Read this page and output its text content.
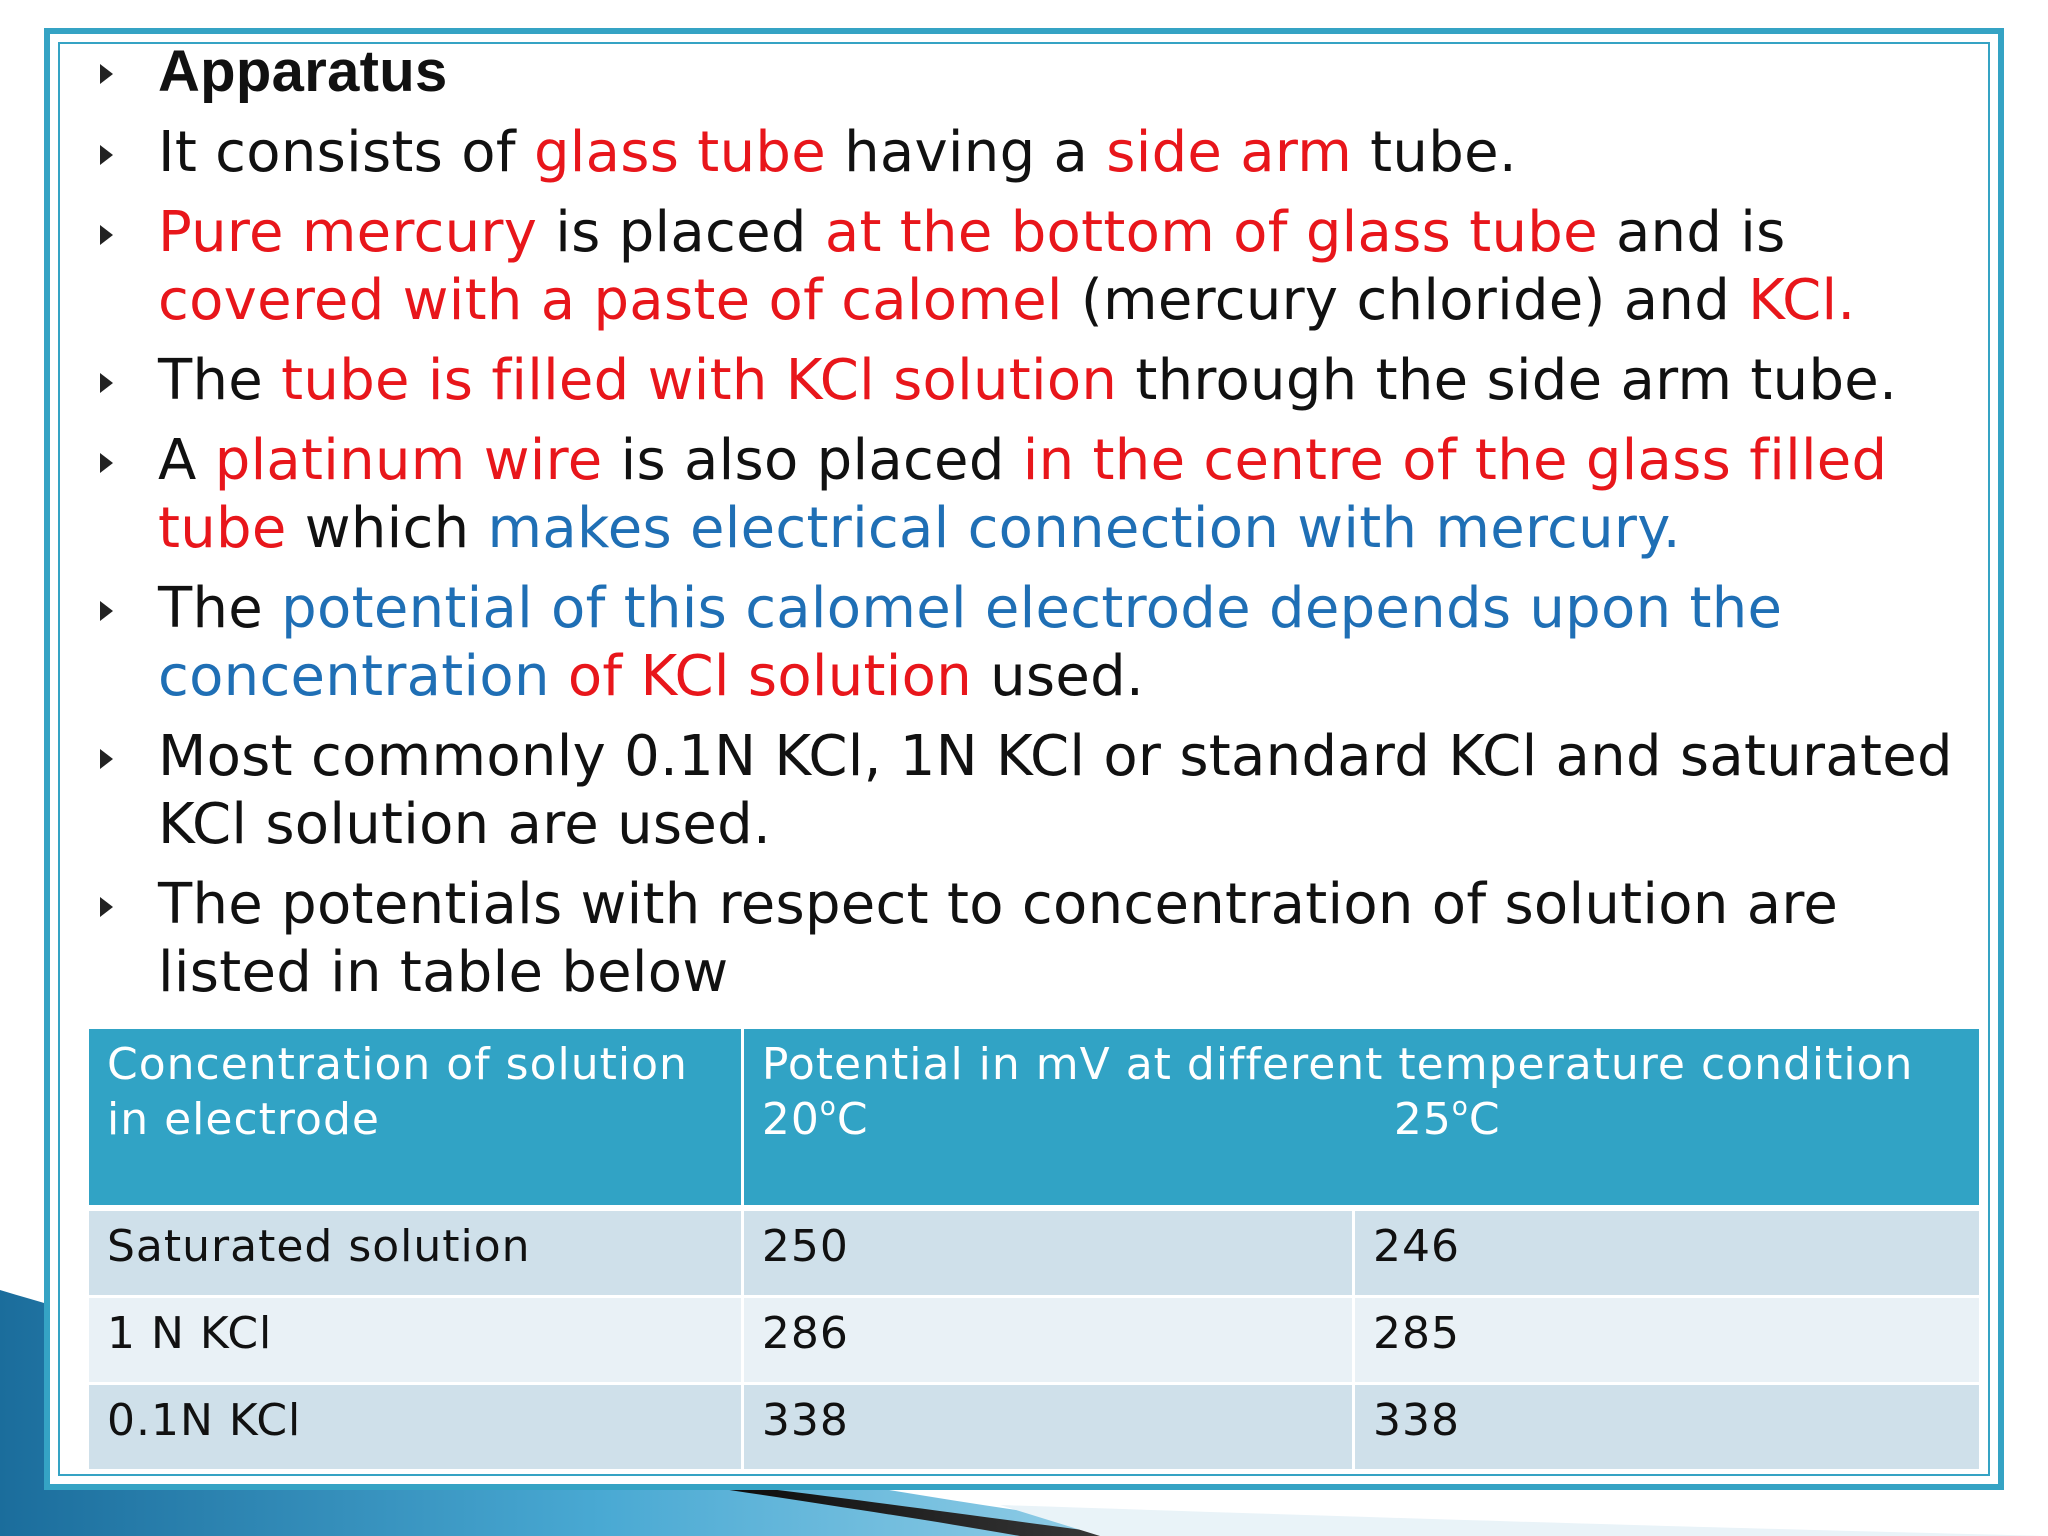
Apparatus
It consists of glass tube having a side arm tube.
Pure mercury is placed at the bottom of glass tube and is covered with a paste of calomel (mercury chloride) and KCl.
The tube is filled with KCl solution through the side arm tube.
A platinum wire is also placed in the centre of the glass filled tube which makes electrical connection with mercury.
The potential of this calomel electrode depends upon the concentration of KCl solution used.
Most commonly 0.1N KCl, 1N KCl or standard KCl and saturated KCl solution are used.
The potentials with respect to concentration of solution are listed in table below
Concentration of solution in electrode	Potential in mV at different temperature condition
20$^o$C 25$^o$C	

Saturated solution	250	246
1 N KCl	286	285
0.1N KCl	338	338
